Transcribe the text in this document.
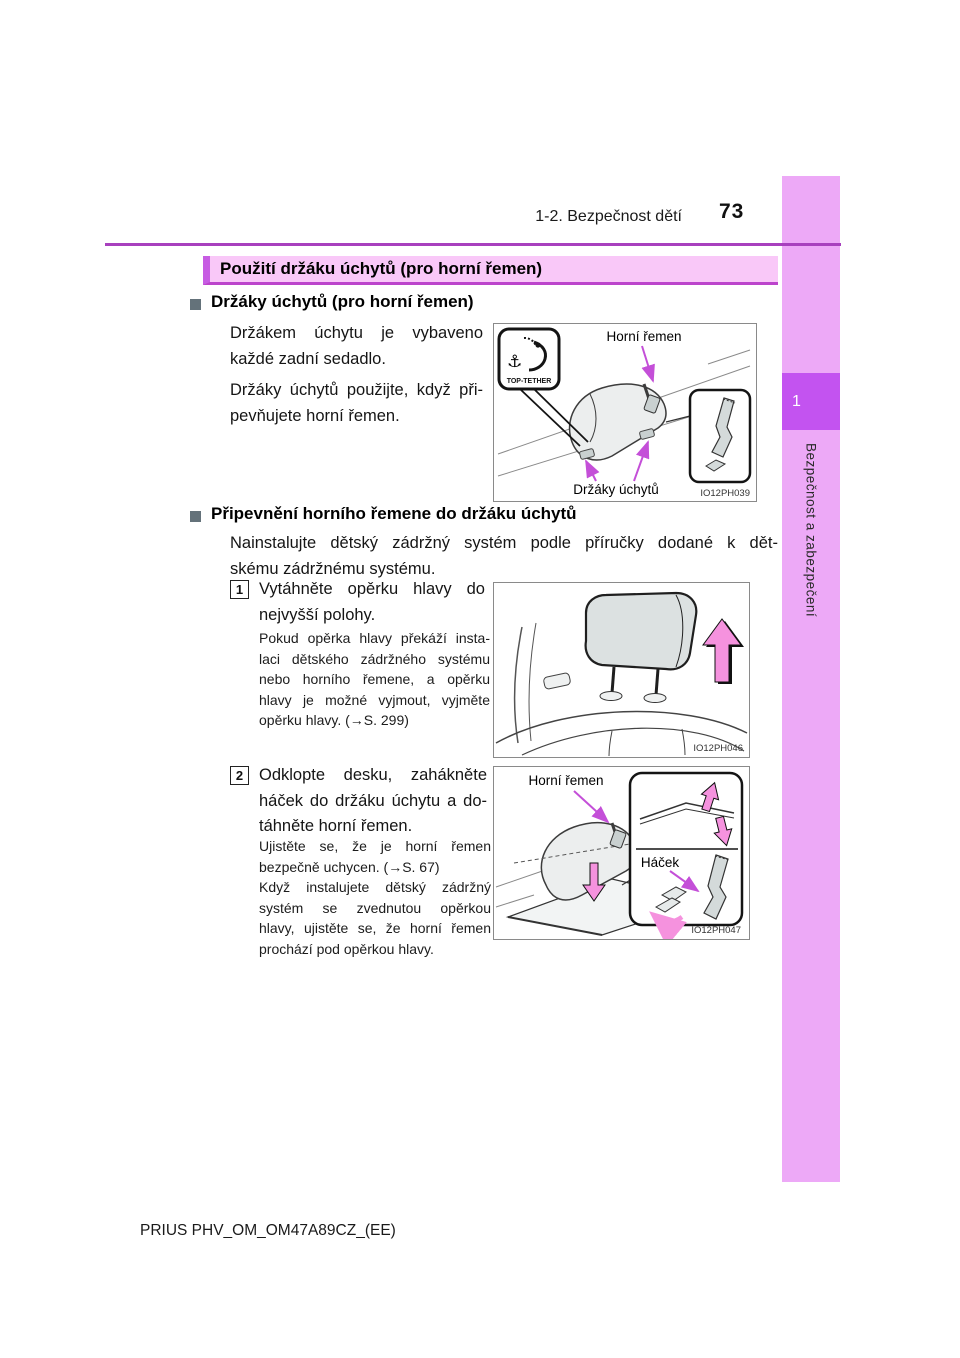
1
Bezpečnost a zabezpečení
1-2. Bezpečnost dětí 73
Použití držáku úchytů (pro horní řemen)
Držáky úchytů (pro horní řemen)
Držákem úchytu je vybaveno
každé zadní sedadlo.
Držáky úchytů použijte, když při-
pevňujete horní řemen.
⚓
TOP-TETHER
Horní řemen
Držáky úchytů	IO12PH039
Připevnění horního řemene do držáku úchytů
Nainstalujte dětský zádržný systém podle příručky dodané k dět-
skému zádržnému systému.
1 Vytáhněte opěrku hlavy do
nejvyšší polohy.
Pokud opěrka hlavy překáží insta-
laci dětského zádržného systému
nebo horního řemene, a opěrku
hlavy je možné vyjmout, vyjměte
opěrku hlavy. (→S. 299)
IO12PH046
2 Odklopte desku, zahákněte
háček do držáku úchytu a do-
táhněte horní řemen.
Ujistěte se, že je horní řemen
bezpečně uchycen. (→S. 67)
Když instalujete dětský zádržný
systém se zvednutou opěrkou
hlavy, ujistěte se, že horní řemen
prochází pod opěrkou hlavy.
Horní řemen
Háček
IO12PH047
PRIUS PHV_OM_OM47A89CZ_(EE)
